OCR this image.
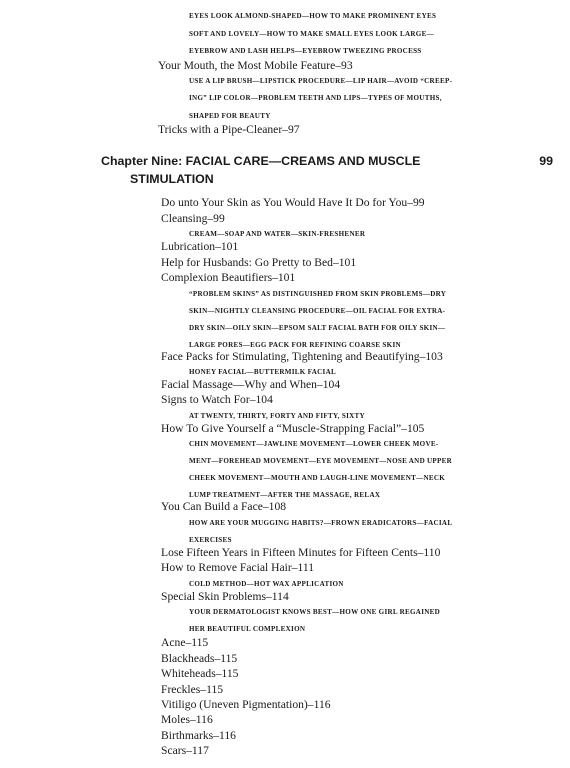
EYES LOOK ALMOND-SHAPED—HOW TO MAKE PROMINENT EYES
SOFT AND LOVELY—HOW TO MAKE SMALL EYES LOOK LARGE—
EYEBROW AND LASH HELPS—EYEBROW TWEEZING PROCESS
Your Mouth, the Most Mobile Feature–93
USE A LIP BRUSH—LIPSTICK PROCEDURE—LIP HAIR—AVOID “CREEP-
ING” LIP COLOR—PROBLEM TEETH AND LIPS—TYPES OF MOUTHS,
SHAPED FOR BEAUTY
Tricks with a Pipe-Cleaner–97
Chapter Nine: FACIAL CARE—CREAMS AND MUSCLE
STIMULATION
99
Do unto Your Skin as You Would Have It Do for You–99
Cleansing–99
CREAM—SOAP AND WATER—SKIN-FRESHENER
Lubrication–101
Help for Husbands: Go Pretty to Bed–101
Complexion Beautifiers–101
“PROBLEM SKINS” AS DISTINGUISHED FROM SKIN PROBLEMS—DRY
SKIN—NIGHTLY CLEANSING PROCEDURE—OIL FACIAL FOR EXTRA-
DRY SKIN—OILY SKIN—EPSOM SALT FACIAL BATH FOR OILY SKIN—
LARGE PORES—EGG PACK FOR REFINING COARSE SKIN
Face Packs for Stimulating, Tightening and Beautifying–103
HONEY FACIAL—BUTTERMILK FACIAL
Facial Massage—Why and When–104
Signs to Watch For–104
AT TWENTY, THIRTY, FORTY AND FIFTY, SIXTY
How To Give Yourself a “Muscle-Strapping Facial”–105
CHIN MOVEMENT—JAWLINE MOVEMENT—LOWER CHEEK MOVE-
MENT—FOREHEAD MOVEMENT—EYE MOVEMENT—NOSE AND UPPER
CHEEK MOVEMENT—MOUTH AND LAUGH-LINE MOVEMENT—NECK
LUMP TREATMENT—AFTER THE MASSAGE, RELAX
You Can Build a Face–108
HOW ARE YOUR MUGGING HABITS?—FROWN ERADICATORS—FACIAL
EXERCISES
Lose Fifteen Years in Fifteen Minutes for Fifteen Cents–110
How to Remove Facial Hair–111
COLD METHOD—HOT WAX APPLICATION
Special Skin Problems–114
YOUR DERMATOLOGIST KNOWS BEST—HOW ONE GIRL REGAINED
HER BEAUTIFUL COMPLEXION
Acne–115
Blackheads–115
Whiteheads–115
Freckles–115
Vitiligo (Uneven Pigmentation)–116
Moles–116
Birthmarks–116
Scars–117
